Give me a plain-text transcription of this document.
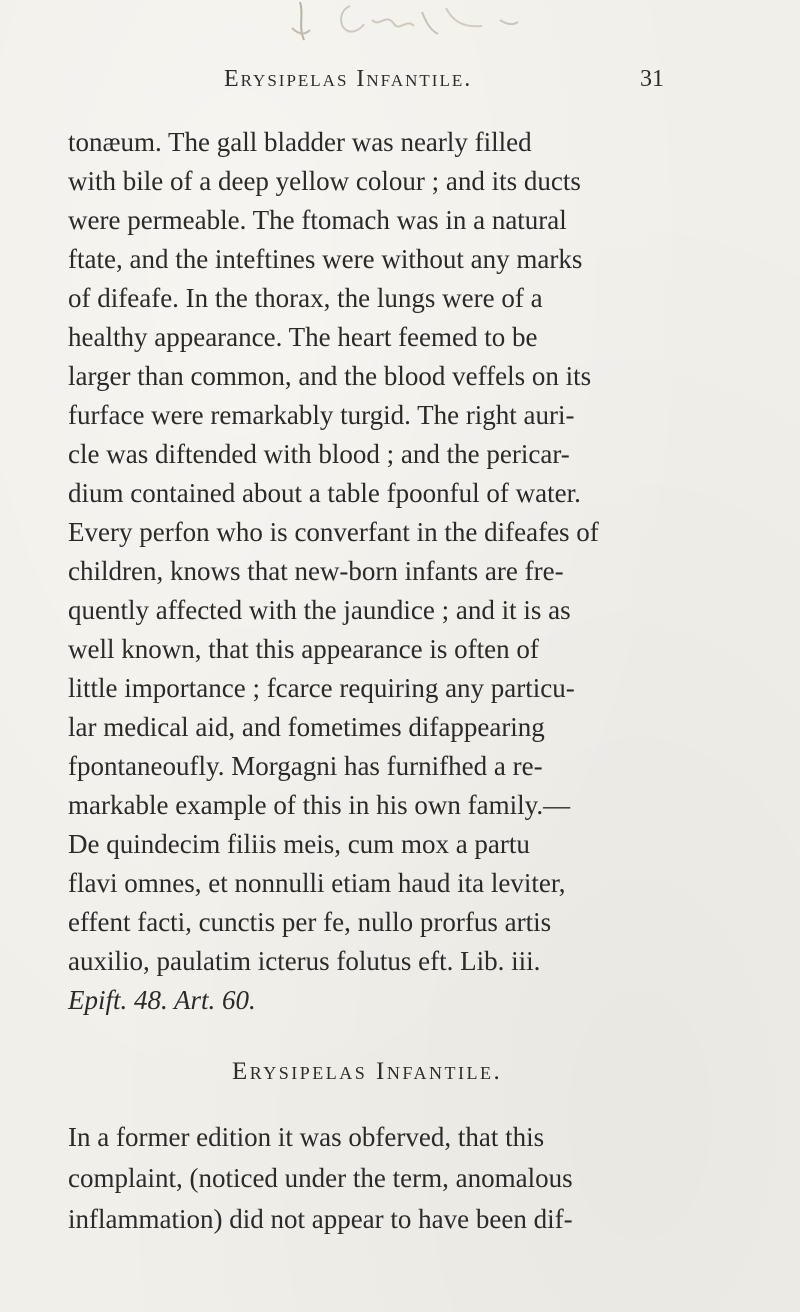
Erysipelas Infantile.	31
tonæum. The gall bladder was nearly filled
with bile of a deep yellow colour ; and its ducts
were permeable. The ftomach was in a natural
ftate, and the inteftines were without any marks
of difeafe. In the thorax, the lungs were of a
healthy appearance. The heart feemed to be
larger than common, and the blood veffels on its
furface were remarkably turgid. The right auri-
cle was diftended with blood ; and the pericar-
dium contained about a table fpoonful of water.
Every perfon who is converfant in the difeafes of
children, knows that new-born infants are fre-
quently affected with the jaundice ; and it is as
well known, that this appearance is often of
little importance ; fcarce requiring any particu-
lar medical aid, and fometimes difappearing
fpontaneoufly. Morgagni has furnifhed a re-
markable example of this in his own family.—
De quindecim filiis meis, cum mox a partu
flavi omnes, et nonnulli etiam haud ita leviter,
effent facti, cunctis per fe, nullo prorfus artis
auxilio, paulatim icterus folutus eft. Lib. iii.
Epift. 48. Art. 60.
Erysipelas Infantile.
In a former edition it was obferved, that this
complaint, (noticed under the term, anomalous
inflammation) did not appear to have been dif-
